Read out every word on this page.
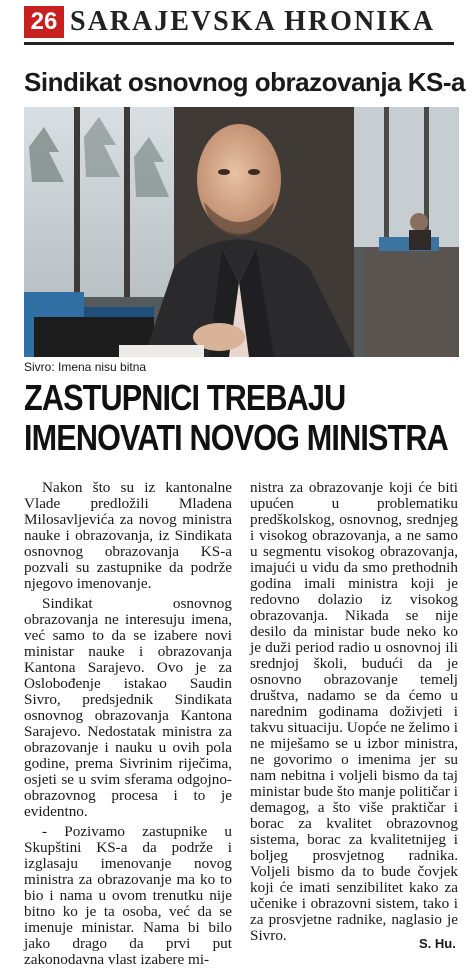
26 SARAJEVSKA HRONIKA
Sindikat osnovnog obrazovanja KS-a
Sivro: Imena nisu bitna
ZASTUPNICI TREBAJU
IMENOVATI NOVOG MINISTRA

Nakon što su iz kantonalne Vlade predložili Mladena Milosavljevića za novog ministra nauke i obrazovanja, iz Sindikata osnovnog obrazovanja KS-a pozvali su zastupnike da podrže njegovo imenovanje.

Sindikat osnovnog obrazovanja ne interesuju imena, već samo to da se izabere novi ministar nauke i obrazovanja Kantona Sarajevo. Ovo je za Oslobođenje istakao Saudin Sivro, predsjednik Sindikata osnovnog obrazovanja Kantona Sarajevo. Nedostatak ministra za obrazovanje i nauku u ovih pola godine, prema Sivrinim riječima, osjeti se u svim sferama odgojno-obrazovnog procesa i to je evidentno.

- Pozivamo zastupnike u Skupštini KS-a da podrže i izglasaju imenovanje novog ministra za obrazovanje ma ko to bio i nama u ovom trenutku nije bitno ko je ta osoba, već da se imenuje ministar. Nama bi bilo jako drago da prvi put zakonodavna vlast izabere mi-

nistra za obrazovanje koji će biti upućen u problematiku predškolskog, osnovnog, srednjeg i visokog obrazovanja, a ne samo u segmentu visokog obrazovanja, imajući u vidu da smo prethodnih godina imali ministra koji je redovno dolazio iz visokog obrazovanja. Nikada se nije desilo da ministar bude neko ko je duži period radio u osnovnoj ili srednjoj školi, budući da je osnovno obrazovanje temelj društva, nadamo se da ćemo u narednim godinama doživjeti i takvu situaciju. Uopće ne želimo i ne miješamo se u izbor ministra, ne govorimo o imenima jer su nam nebitna i voljeli bismo da taj ministar bude što manje političar i demagog, a što više praktičar i borac za kvalitet obrazovnog sistema, borac za kvalitetnijeg i boljeg prosvjetnog radnika. Voljeli bismo da to bude čovjek koji će imati senzibilitet kako za učenike i obrazovni sistem, tako i za prosvjetne radnike, naglasio je Sivro.	S. Hu.
